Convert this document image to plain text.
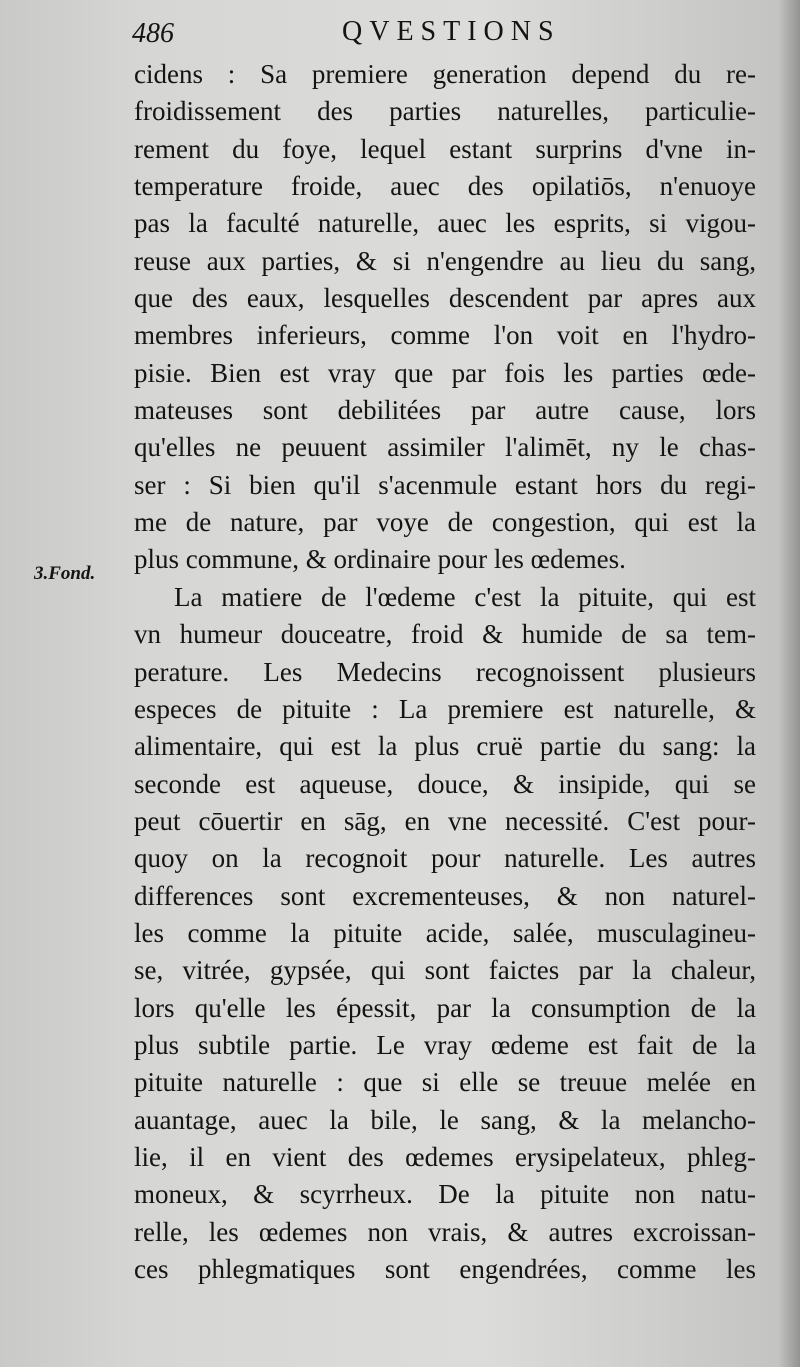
486	QVESTIONS
3.Fond.
cidens : Sa premiere generation depend du re-
froidissement des parties naturelles, particulie-
rement du foye, lequel estant surprins d'vne in-
temperature froide, auec des opilatiōs, n'enuoye
pas la faculté naturelle, auec les esprits, si vigou-
reuse aux parties, & si n'engendre au lieu du sang,
que des eaux, lesquelles descendent par apres aux
membres inferieurs, comme l'on voit en l'hydro-
pisie. Bien est vray que par fois les parties œde-
mateuses sont debilitées par autre cause, lors
qu'elles ne peuuent assimiler l'alimēt, ny le chas-
ser : Si bien qu'il s'acenmule estant hors du regi-
me de nature, par voye de congestion, qui est la
plus commune, & ordinaire pour les œdemes.
La matiere de l'œdeme c'est la pituite, qui est
vn humeur douceatre, froid & humide de sa tem-
perature. Les Medecins recognoissent plusieurs
especes de pituite : La premiere est naturelle, &
alimentaire, qui est la plus cruë partie du sang: la
seconde est aqueuse, douce, & insipide, qui se
peut cōuertir en sāg, en vne necessité. C'est pour-
quoy on la recognoit pour naturelle. Les autres
differences sont excrementeuses, & non naturel-
les comme la pituite acide, salée, musculagineu-
se, vitrée, gypsée, qui sont faictes par la chaleur,
lors qu'elle les épessit, par la consumption de la
plus subtile partie. Le vray œdeme est fait de la
pituite naturelle : que si elle se treuue melée en
auantage, auec la bile, le sang, & la melancho-
lie, il en vient des œdemes erysipelateux, phleg-
moneux, & scyrrheux. De la pituite non natu-
relle, les œdemes non vrais, & autres excroissan-
ces phlegmatiques sont engendrées, comme les
